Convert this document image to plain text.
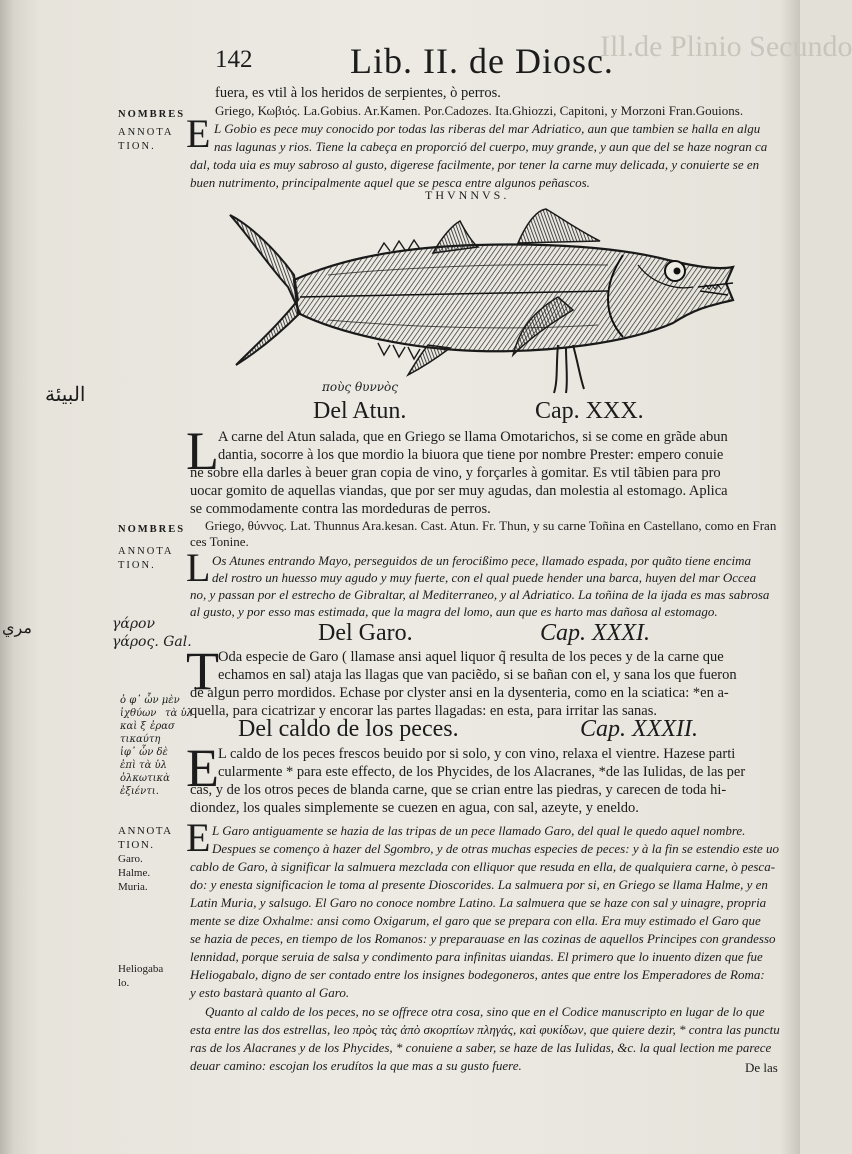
Ill.de Plinio Secundo
142	Lib. II. de Diosc.
fuera, es vtil à los heridos de serpientes, ò perros.
NOMBRES Griego, Κωβιός. La.Gobius. Ar.Kamen. Por.Cadozes. Ita.Ghiozzi, Capitoni, y Morzoni Fran.Gouions.
ANNOTA
TION. E L Gobio es pece muy conocido por todas las riberas del mar Adriatico, aun que tambien se halla en algu
nas lagunas y rios. Tiene la cabeça en proporció del cuerpo, muy grande, y aun que del se haze nogran ca
dal, toda uia es muy sabroso al gusto, digerese facilmente, por tener la carne muy delicada, y conuierte se en
buen nutrimento, principalmente aquel que se pesca entre algunos peñascos.
THVNNVS.
البيئة	ποὺς θυννὸς
Del Atun.	Cap. XXX.
L A carne del Atun salada, que en Griego se llama Omotarichos, si se come en grãde abun
dantia, socorre à los que mordio la biuora que tiene por nombre Prester: empero conuie
ne sobre ella darles à beuer gran copia de vino, y forçarles à gomitar. Es vtil tãbien para pro
uocar gomito de aquellas viandas, que por ser muy agudas, dan molestia al estomago. Aplica
se commodamente contra las mordeduras de perros.
NOMBRES Griego, θύννος. Lat. Thunnus Ara.kesan. Cast. Atun. Fr. Thun, y su carne Toñina en Castellano, como en Fran
ces Tonine.
ANNOTA
TION. L Os Atunes entrando Mayo, perseguidos de un ferocißimo pece, llamado espada, por quãto tiene encima
del rostro un huesso muy agudo y muy fuerte, con el qual puede hender una barca, huyen del mar Occea
no, y passan por el estrecho de Gibraltar, al Mediterraneo, y al Adriatico. La toñina de la ijada es mas sabrosa
al gusto, y por esso mas estimada, que la magra del lomo, aun que es harto mas dañosa al estomago.
مري	γάρον
γάρος. Gal.	Del Garo.	Cap. XXXI.
T Oda especie de Garo ( llamase ansi aquel liquor q̃ resulta de los peces y de la carne que
echamos en sal) ataja las llagas que van paciẽdo, si se bañan con el, y sana los que fueron
de algun perro mordidos. Echase por clyster ansi en la dysenteria, como en la sciatica: *en a-
quella, para cicatrizar y encorar las partes llagadas: en esta, para irritar las sanas.
ὁ φ᾽ ὧν μὲν
ἰχθύων τὰ ὑλ
καὶ ξ ἐρασ
τικαύτη
ἰφ᾽ ὧν δὲ
ἐπὶ τὰ ὑλ
ὁλκωτικὰ
ἐξιέντι.
Del caldo de los peces.	Cap. XXXII.
E L caldo de los peces frescos beuido por si solo, y con vino, relaxa el vientre. Hazese parti
cularmente * para este effecto, de los Phycides, de los Alacranes, *de las Iulidas, de las per
cas, y de los otros peces de blanda carne, que se crian entre las piedras, y carecen de toda hi-
diondez, los quales simplemente se cuezen en agua, con sal, azeyte, y eneldo.
ANNOTA
TION.
Garo.
Halme.
Muria.
E L Garo antiguamente se hazia de las tripas de un pece llamado Garo, del qual le quedo aquel nombre.
Despues se començo à hazer del Sgombro, y de otras muchas especies de peces: y à la fin se estendio este uo
cablo de Garo, à significar la salmuera mezclada con elliquor que resuda en ella, de qualquiera carne, ò pesca-
do: y enesta significacion le toma al presente Dioscorides. La salmuera por si, en Griego se llama Halme, y en
Latin Muria, y salsugo. El Garo no conoce nombre Latino. La salmuera que se haze con sal y uinagre, propria
mente se dize Oxhalme: ansi como Oxigarum, el garo que se prepara con ella. Era muy estimado el Garo que
se hazia de peces, en tiempo de los Romanos: y preparauase en las cozinas de aquellos Principes con grandesso
lennidad, porque seruia de salsa y condimento para infinitas uiandas. El primero que lo inuento dizen que fue
Heliogabalo, digno de ser contado entre los insignes bodegoneros, antes que entre los Emperadores de Roma:
y esto bastarà quanto al Garo.
Heliogaba
lo.
Quanto al caldo de los peces, no se offrece otra cosa, sino que en el Codice manuscripto en lugar de lo que
esta entre las dos estrellas, leo πρὸς τὰς ἀπὸ σκορπίων πληγάς, καὶ φυκίδων, que quiere dezir, * contra las punctu
ras de los Alacranes y de los Phycides, * conuiene a saber, se haze de las Iulidas, &c. la qual lection me parece
deuar camino: escojan los erudítos la que mas a su gusto fuere.	De las
